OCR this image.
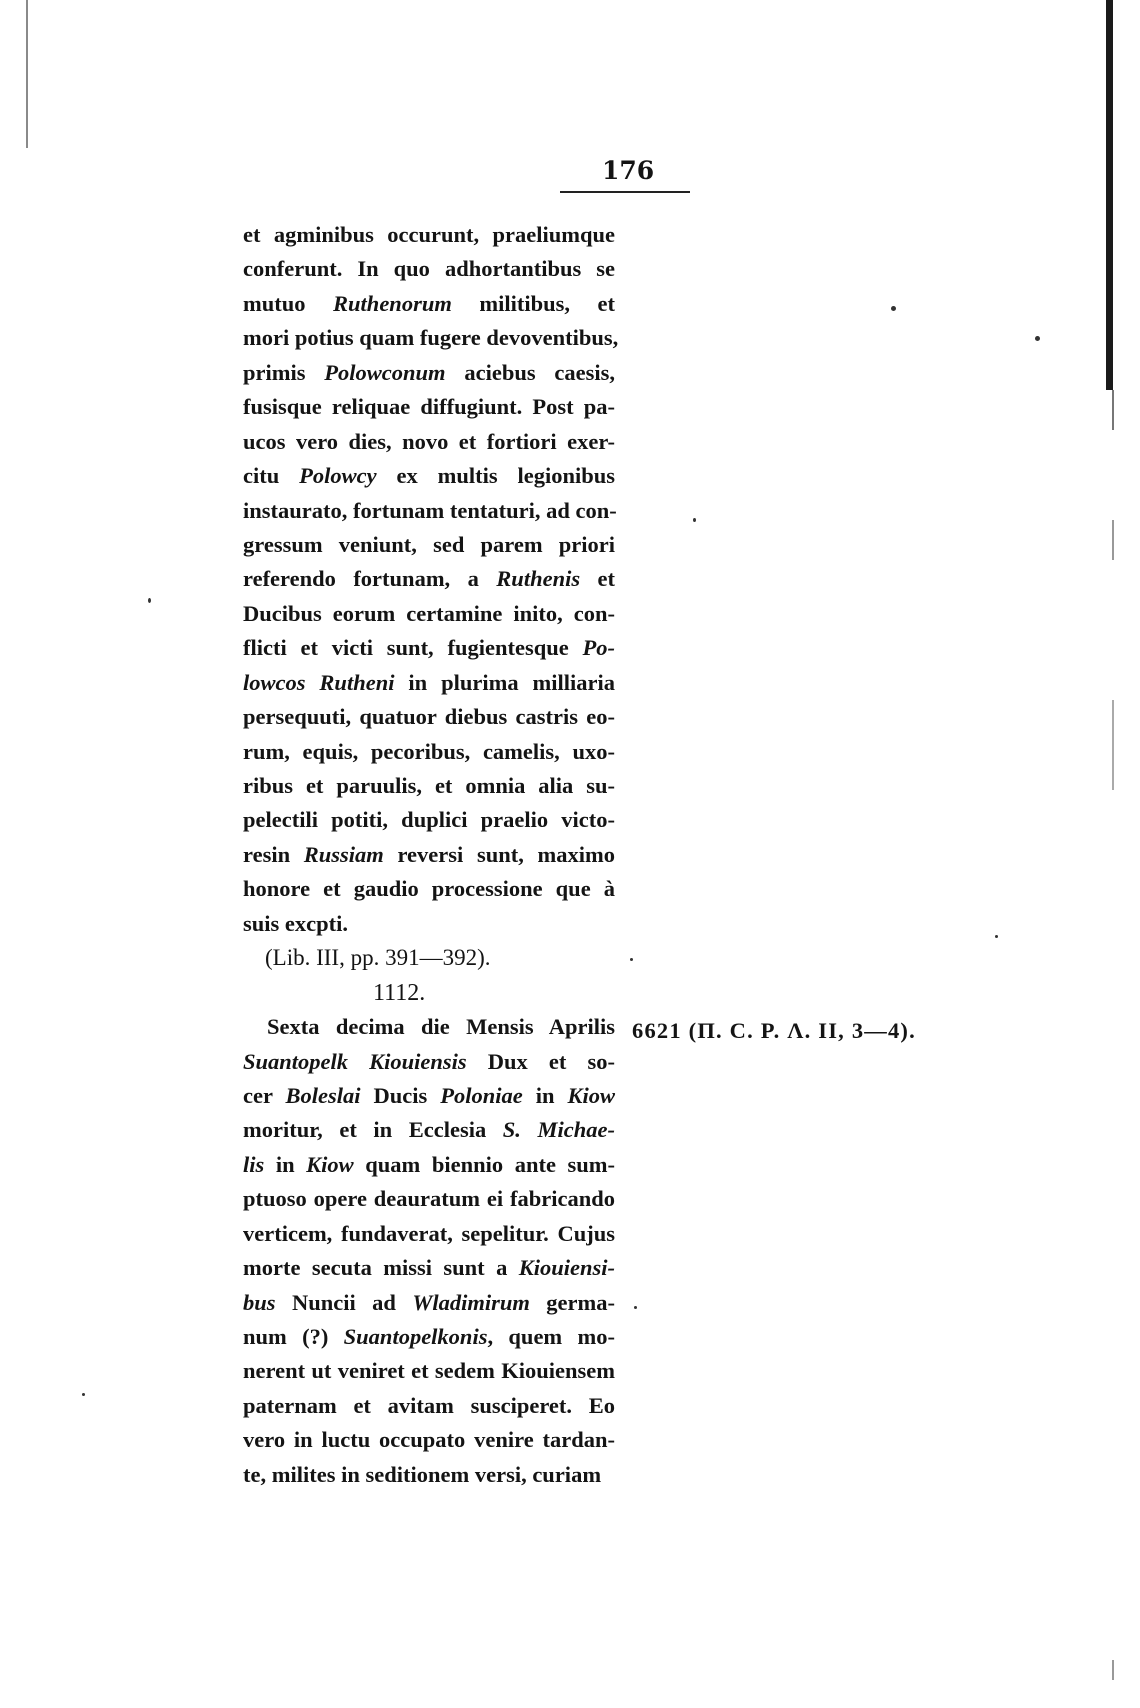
176
et agminibus occurunt, praeliumque
conferunt. In quo adhortantibus se
mutuo Ruthenorum militibus, et
mori potius quam fugere devoventibus,
primis Polowconum aciebus caesis,
fusisque reliquae diffugiunt. Post pa-
ucos vero dies, novo et fortiori exer-
citu Polowcy ex multis legionibus
instaurato, fortunam tentaturi, ad con-
gressum veniunt, sed parem priori
referendo fortunam, a Ruthenis et
Ducibus eorum certamine inito, con-
flicti et victi sunt, fugientesque Po-
lowcos Rutheni in plurima milliaria
persequuti, quatuor diebus castris eo-
rum, equis, pecoribus, camelis, uxo-
ribus et paruulis, et omnia alia su-
pelectili potiti, duplici praelio victo-
resin Russiam reversi sunt, maximo
honore et gaudio processione que à
suis excpti.
(Lib. III, pp. 391—392).
1112.
Sexta decima die Mensis Aprilis
Suantopelk Kiouiensis Dux et so-
cer Boleslai Ducis Poloniae in Kiow
moritur, et in Ecclesia S. Michae-
lis in Kiow quam biennio ante sum-
ptuoso opere deauratum ei fabricando
verticem, fundaverat, sepelitur. Cujus
morte secuta missi sunt a Kiouiensi-
bus Nuncii ad Wladimirum germa-
num (?) Suantopelkonis, quem mo-
nerent ut veniret et sedem Kiouiensem
paternam et avitam susciperet. Eo
vero in luctu occupato venire tardan-
te, milites in seditionem versi, curiam
6621 (Π. C. P. Λ. II, 3—4).
